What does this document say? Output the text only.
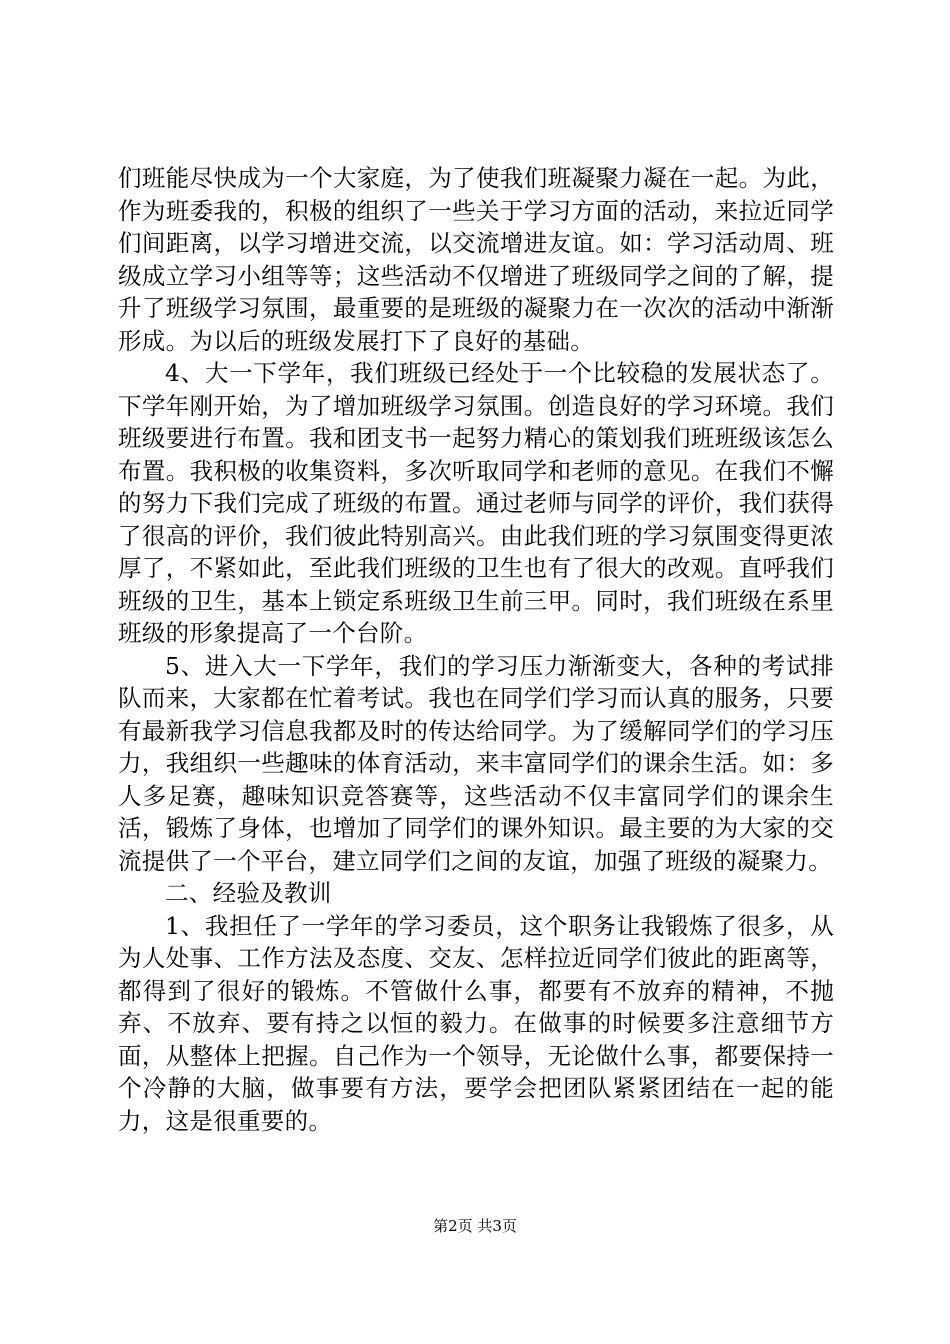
们班能尽快成为一个大家庭，为了使我们班凝聚力凝在一起。为此，作为班委我的，积极的组织了一些关于学习方面的活动，来拉近同学们间距离，以学习增进交流，以交流增进友谊。如：学习活动周、班级成立学习小组等等；这些活动不仅增进了班级同学之间的了解，提升了班级学习氛围，最重要的是班级的凝聚力在一次次的活动中渐渐形成。为以后的班级发展打下了良好的基础。

4、大一下学年，我们班级已经处于一个比较稳的发展状态了。下学年刚开始，为了增加班级学习氛围。创造良好的学习环境。我们班级要进行布置。我和团支书一起努力精心的策划我们班班级该怎么布置。我积极的收集资料，多次听取同学和老师的意见。在我们不懈的努力下我们完成了班级的布置。通过老师与同学的评价，我们获得了很高的评价，我们彼此特别高兴。由此我们班的学习氛围变得更浓厚了，不紧如此，至此我们班级的卫生也有了很大的改观。直呼我们班级的卫生，基本上锁定系班级卫生前三甲。同时，我们班级在系里班级的形象提高了一个台阶。

5、进入大一下学年，我们的学习压力渐渐变大，各种的考试排队而来，大家都在忙着考试。我也在同学们学习而认真的服务，只要有最新我学习信息我都及时的传达给同学。为了缓解同学们的学习压力，我组织一些趣味的体育活动，来丰富同学们的课余生活。如：多人多足赛，趣味知识竞答赛等，这些活动不仅丰富同学们的课余生活，锻炼了身体，也增加了同学们的课外知识。最主要的为大家的交流提供了一个平台，建立同学们之间的友谊，加强了班级的凝聚力。

二、经验及教训

1、我担任了一学年的学习委员，这个职务让我锻炼了很多，从为人处事、工作方法及态度、交友、怎样拉近同学们彼此的距离等，都得到了很好的锻炼。不管做什么事，都要有不放弃的精神，不抛弃、不放弃、要有持之以恒的毅力。在做事的时候要多注意细节方面，从整体上把握。自己作为一个领导，无论做什么事，都要保持一个冷静的大脑，做事要有方法，要学会把团队紧紧团结在一起的能力，这是很重要的。

第2页 共3页
